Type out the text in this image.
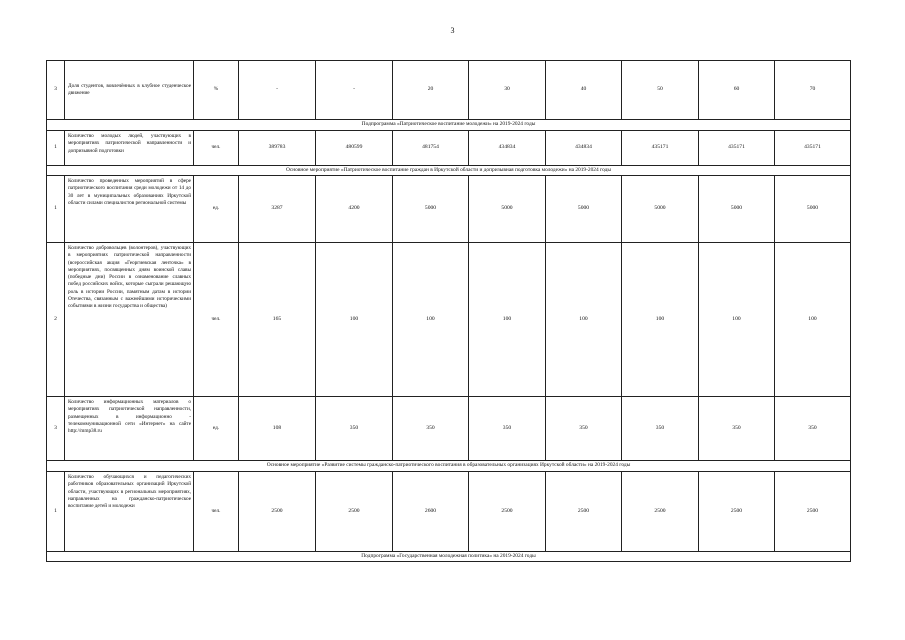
3
3	Доля студентов, вовлечённых в клубное студенческое движение	%	-	-	20	30	40	50	60	70
Подпрограмма «Патриотическое воспитание молодежи» на 2019-2024 годы										
1	Количество молодых людей, участвующих в мероприятиях патриотической направленности и допризывной подготовки	чел.	389783	480599	481754	434834	434834	435171	435171	435171
Основное мероприятие «Патриотическое воспитание граждан в Иркутской области и допризывная подготовка молодежи» на 2019-2024 годы										
1	Количество проведенных мероприятий в сфере патриотического воспитания среди молодежи от 14 до 30 лет в муниципальных образованиях Иркутской области силами специалистов региональной системы	ед.	3287	4200	5000	5000	5000	5000	5000	5000
2	Количество добровольцев (волонтеров), участвующих в мероприятиях патриотической направленности (всероссийская акция «Георгиевская ленточка» в мероприятиях, посвященных дням воинской славы (победные дни) России в ознаменование славных побед российских войск, которые сыграли решающую роль в истории России, памятным датам в истории Отечества, связанным с важнейшими историческими событиями в жизни государства и общества)	чел.	165	100	100	100	100	100	100	100
3	Количество информационных материалов о мероприятиях патриотической направленности, размещенных в информационно - телекоммуникационной сети «Интернет» на сайте http://mmp38.ru	ед.	108	350	350	350	350	350	350	350
Основное мероприятие «Развитие системы гражданско-патриотического воспитания в образовательных организациях Иркутской области» на 2019-2024 годы										
1	Количество обучающихся и педагогических работников образовательных организаций Иркутской области, участвующих в региональных мероприятиях, направленных на гражданско-патриотическое воспитание детей и молодежи	чел.	2500	2500	2600	2500	2500	2500	2500	2500
Подпрограмма «Государственная молодежная политика» на 2019-2024 годы										
